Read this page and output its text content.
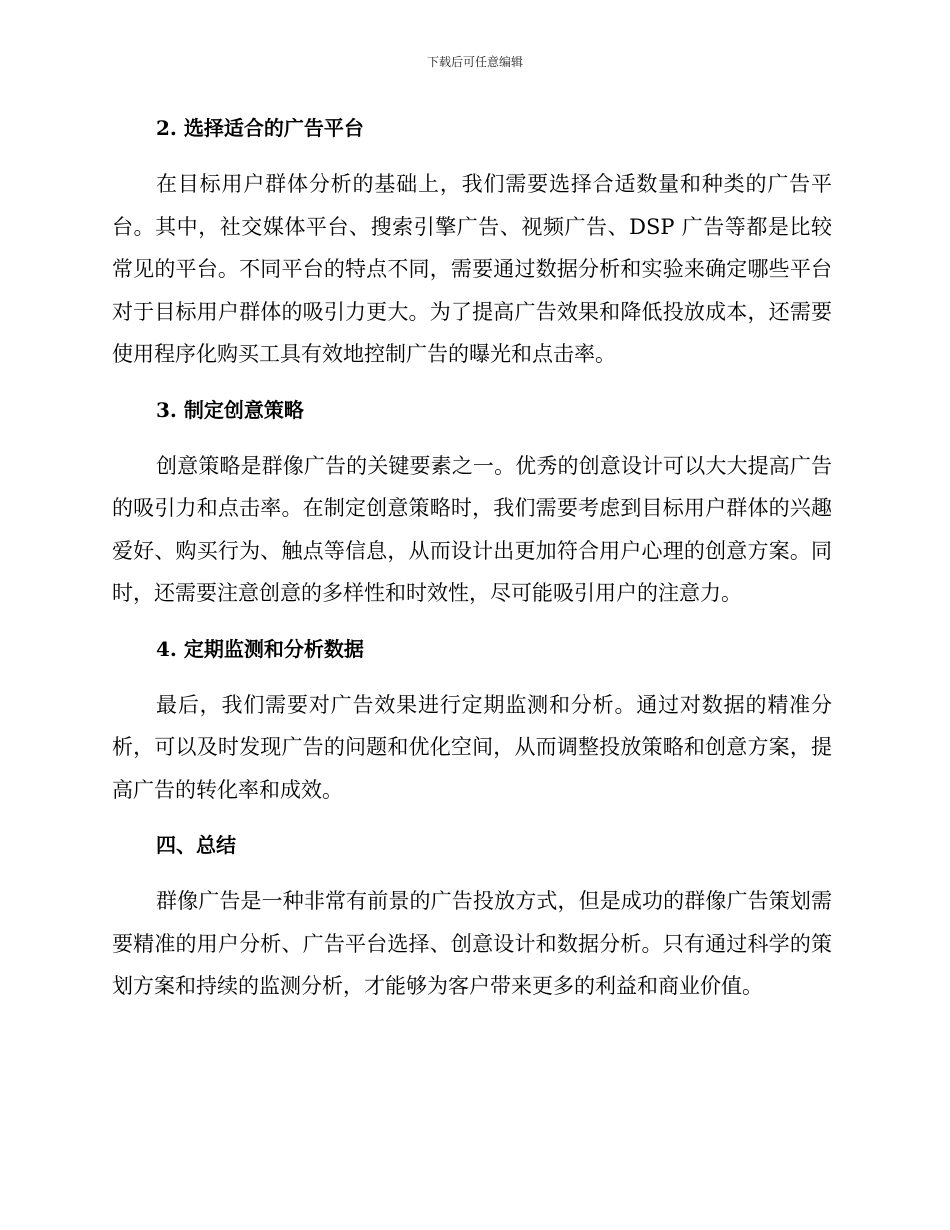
下载后可任意编辑
2. 选择适合的广告平台

在目标用户群体分析的基础上，我们需要选择合适数量和种类的广告平台。其中，社交媒体平台、搜索引擎广告、视频广告、DSP 广告等都是比较常见的平台。不同平台的特点不同，需要通过数据分析和实验来确定哪些平台对于目标用户群体的吸引力更大。为了提高广告效果和降低投放成本，还需要使用程序化购买工具有效地控制广告的曝光和点击率。

3. 制定创意策略

创意策略是群像广告的关键要素之一。优秀的创意设计可以大大提高广告的吸引力和点击率。在制定创意策略时，我们需要考虑到目标用户群体的兴趣爱好、购买行为、触点等信息，从而设计出更加符合用户心理的创意方案。同时，还需要注意创意的多样性和时效性，尽可能吸引用户的注意力。

4. 定期监测和分析数据

最后，我们需要对广告效果进行定期监测和分析。通过对数据的精准分析，可以及时发现广告的问题和优化空间，从而调整投放策略和创意方案，提高广告的转化率和成效。

四、总结

群像广告是一种非常有前景的广告投放方式，但是成功的群像广告策划需要精准的用户分析、广告平台选择、创意设计和数据分析。只有通过科学的策划方案和持续的监测分析，才能够为客户带来更多的利益和商业价值。
